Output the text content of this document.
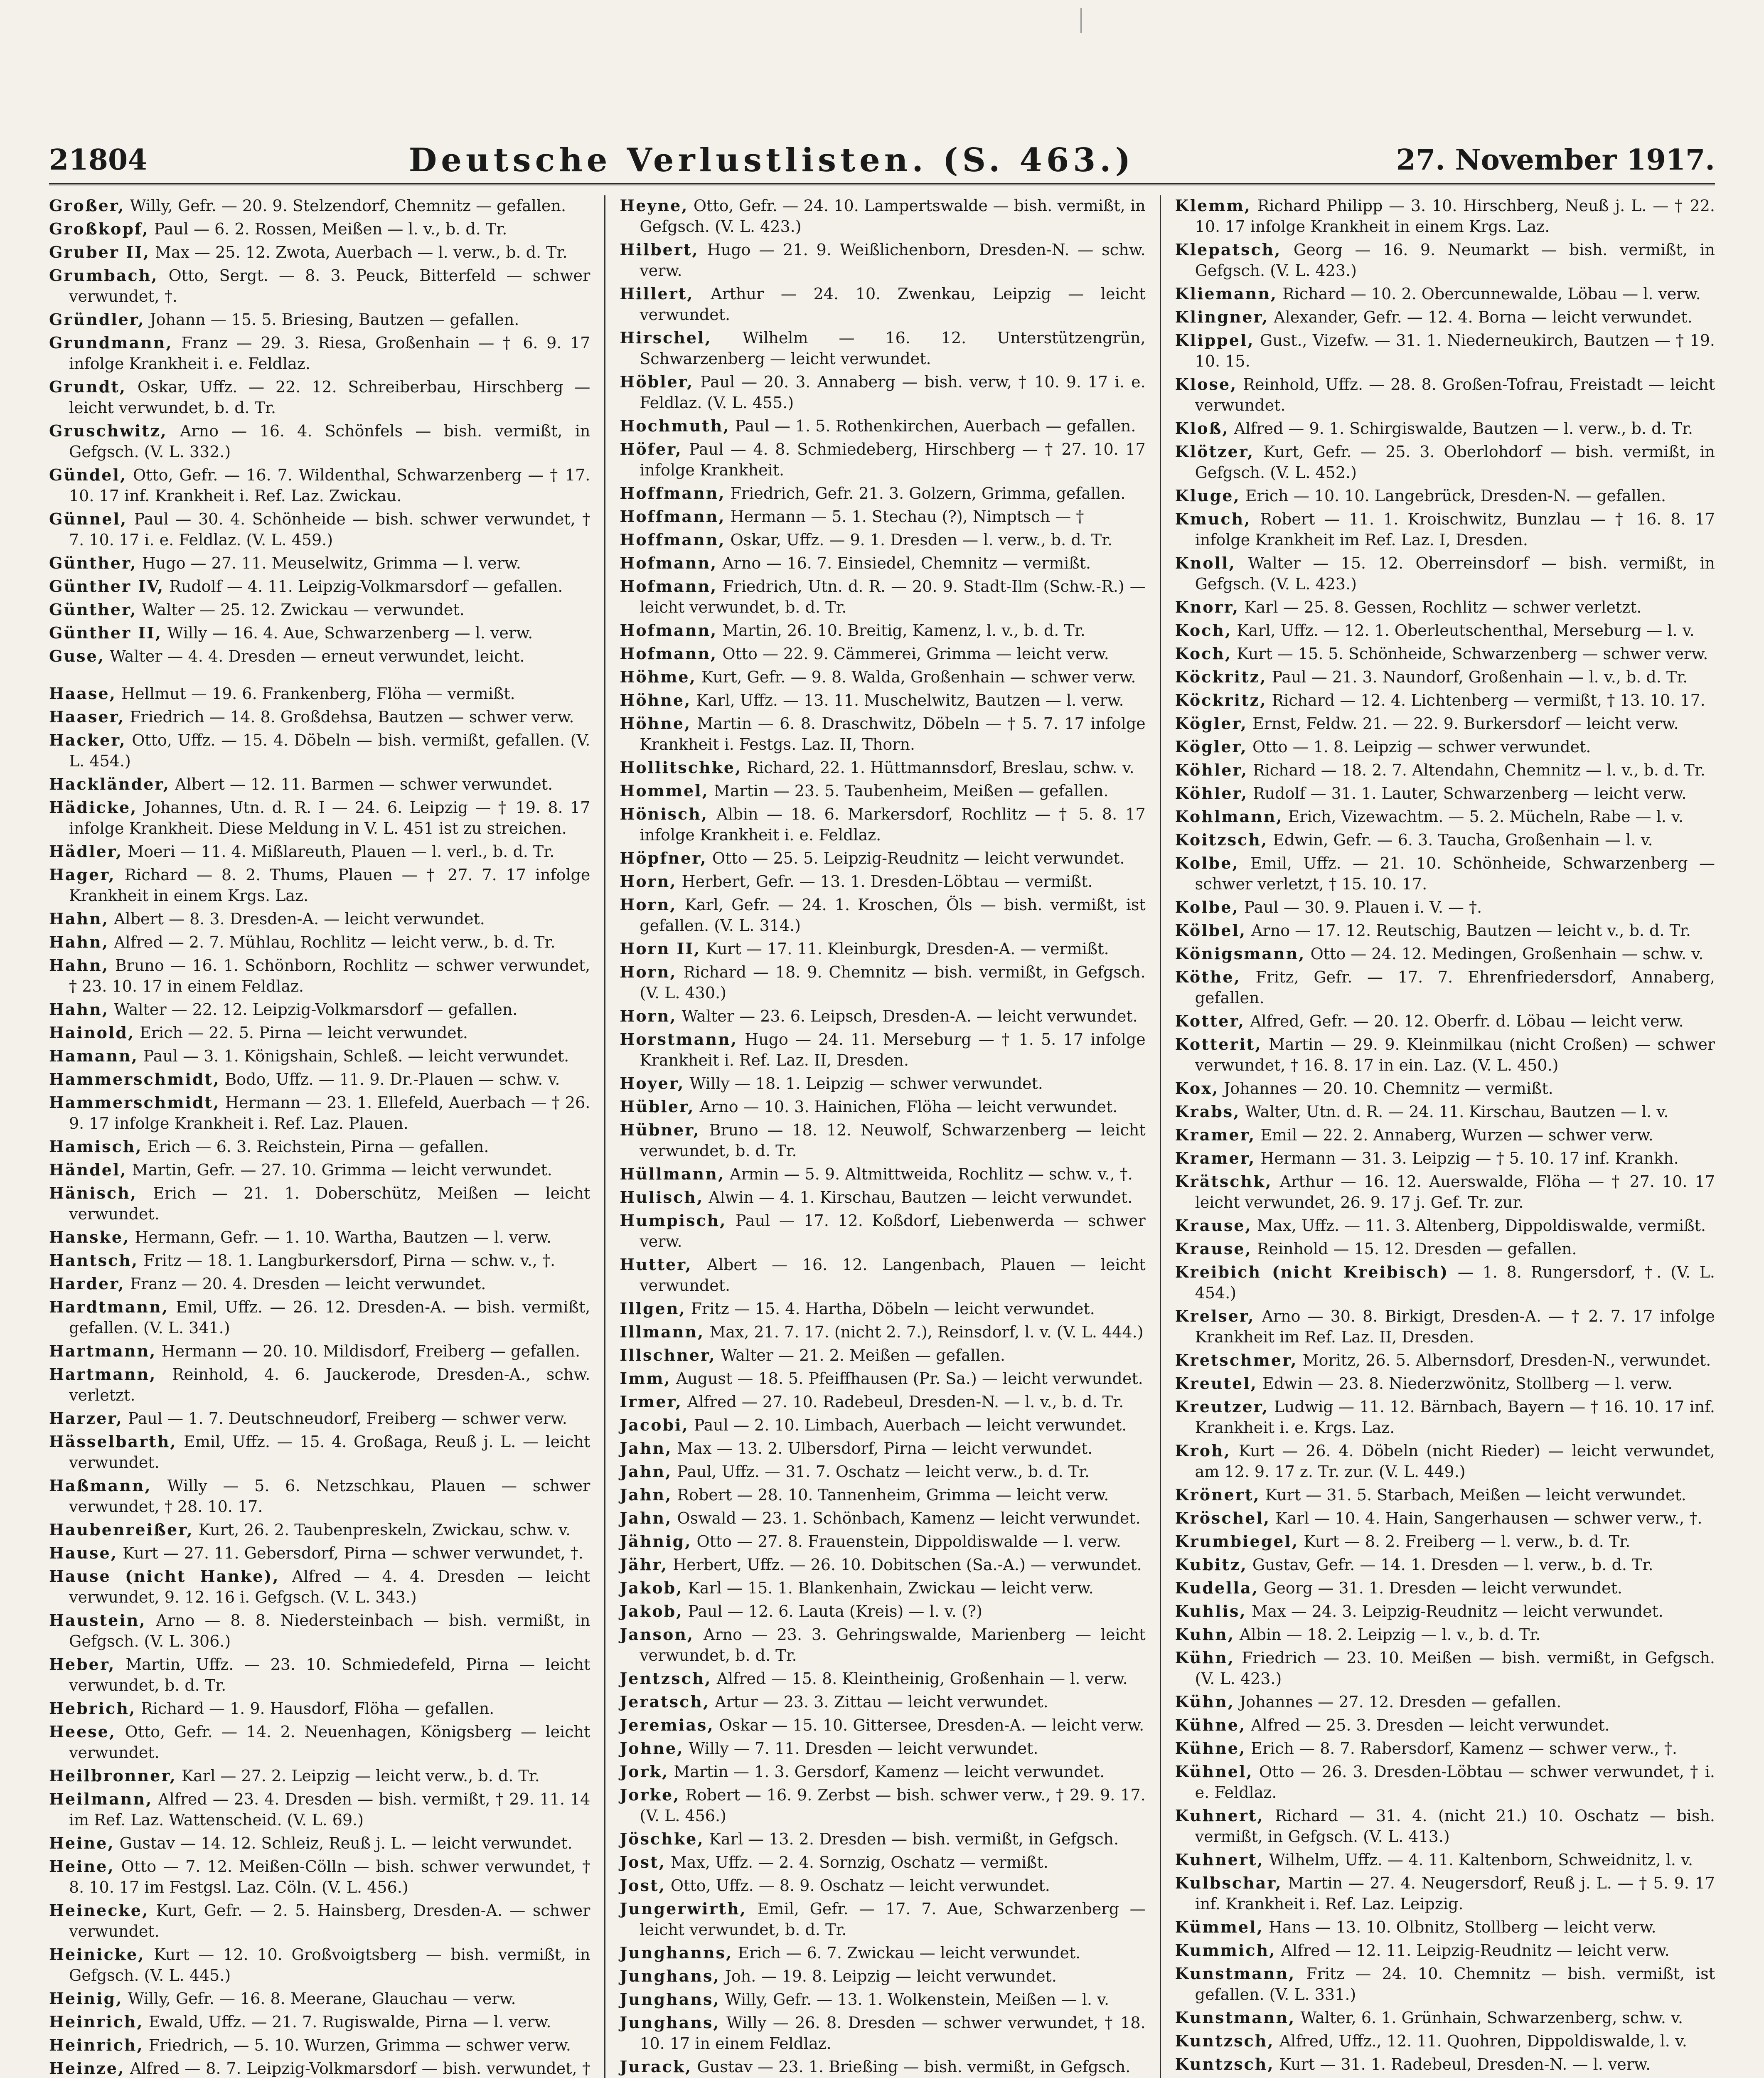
21804	Deutsche Verlustlisten. (S. 463.)	27. November 1917.
Großer, Willy, Gefr. — 20. 9. Stelzendorf, Chemnitz — gefallen.
Großkopf, Paul — 6. 2. Rossen, Meißen — l. v., b. d. Tr.
Gruber II, Max — 25. 12. Zwota, Auerbach — l. verw., b. d. Tr.
Grumbach, Otto, Sergt. — 8. 3. Peuck, Bitterfeld — schwer verwundet, †.
Gründler, Johann — 15. 5. Briesing, Bautzen — gefallen.
Grundmann, Franz — 29. 3. Riesa, Großenhain — † 6. 9. 17 infolge Krankheit i. e. Feldlaz.
Grundt, Oskar, Uffz. — 22. 12. Schreiberbau, Hirschberg — leicht verwundet, b. d. Tr.
Gruschwitz, Arno — 16. 4. Schönfels — bish. vermißt, in Gefgsch. (V. L. 332.)
Gündel, Otto, Gefr. — 16. 7. Wildenthal, Schwarzenberg — † 17. 10. 17 inf. Krankheit i. Ref. Laz. Zwickau.
Günnel, Paul — 30. 4. Schönheide — bish. schwer verwundet, † 7. 10. 17 i. e. Feldlaz. (V. L. 459.)
Günther, Hugo — 27. 11. Meuselwitz, Grimma — l. verw.
Günther IV, Rudolf — 4. 11. Leipzig-Volkmarsdorf — gefallen.
Günther, Walter — 25. 12. Zwickau — verwundet.
Günther II, Willy — 16. 4. Aue, Schwarzenberg — l. verw.
Guse, Walter — 4. 4. Dresden — erneut verwundet, leicht.
Haase, Hellmut — 19. 6. Frankenberg, Flöha — vermißt.
Haaser, Friedrich — 14. 8. Großdehsa, Bautzen — schwer verw.
Hacker, Otto, Uffz. — 15. 4. Döbeln — bish. vermißt, gefallen. (V. L. 454.)
Hackländer, Albert — 12. 11. Barmen — schwer verwundet.
Hädicke, Johannes, Utn. d. R. I — 24. 6. Leipzig — † 19. 8. 17 infolge Krankheit. Diese Meldung in V. L. 451 ist zu streichen.
Hädler, Moeri — 11. 4. Mißlareuth, Plauen — l. verl., b. d. Tr.
Hager, Richard — 8. 2. Thums, Plauen — † 27. 7. 17 infolge Krankheit in einem Krgs. Laz.
Hahn, Albert — 8. 3. Dresden-A. — leicht verwundet.
Hahn, Alfred — 2. 7. Mühlau, Rochlitz — leicht verw., b. d. Tr.
Hahn, Bruno — 16. 1. Schönborn, Rochlitz — schwer verwundet, † 23. 10. 17 in einem Feldlaz.
Hahn, Walter — 22. 12. Leipzig-Volkmarsdorf — gefallen.
Hainold, Erich — 22. 5. Pirna — leicht verwundet.
Hamann, Paul — 3. 1. Königshain, Schleß. — leicht verwundet.
Hammerschmidt, Bodo, Uffz. — 11. 9. Dr.-Plauen — schw. v.
Hammerschmidt, Hermann — 23. 1. Ellefeld, Auerbach — † 26. 9. 17 infolge Krankheit i. Ref. Laz. Plauen.
Hamisch, Erich — 6. 3. Reichstein, Pirna — gefallen.
Händel, Martin, Gefr. — 27. 10. Grimma — leicht verwundet.
Hänisch, Erich — 21. 1. Doberschütz, Meißen — leicht verwundet.
Hanske, Hermann, Gefr. — 1. 10. Wartha, Bautzen — l. verw.
Hantsch, Fritz — 18. 1. Langburkersdorf, Pirna — schw. v., †.
Harder, Franz — 20. 4. Dresden — leicht verwundet.
Hardtmann, Emil, Uffz. — 26. 12. Dresden-A. — bish. vermißt, gefallen. (V. L. 341.)
Hartmann, Hermann — 20. 10. Mildisdorf, Freiberg — gefallen.
Hartmann, Reinhold, 4. 6. Jauckerode, Dresden-A., schw. verletzt.
Harzer, Paul — 1. 7. Deutschneudorf, Freiberg — schwer verw.
Hässelbarth, Emil, Uffz. — 15. 4. Großaga, Reuß j. L. — leicht verwundet.
Haßmann, Willy — 5. 6. Netzschkau, Plauen — schwer verwundet, † 28. 10. 17.
Haubenreißer, Kurt, 26. 2. Taubenpreskeln, Zwickau, schw. v.
Hause, Kurt — 27. 11. Gebersdorf, Pirna — schwer verwundet, †.
Hause (nicht Hanke), Alfred — 4. 4. Dresden — leicht verwundet, 9. 12. 16 i. Gefgsch. (V. L. 343.)
Haustein, Arno — 8. 8. Niedersteinbach — bish. vermißt, in Gefgsch. (V. L. 306.)
Heber, Martin, Uffz. — 23. 10. Schmiedefeld, Pirna — leicht verwundet, b. d. Tr.
Hebrich, Richard — 1. 9. Hausdorf, Flöha — gefallen.
Heese, Otto, Gefr. — 14. 2. Neuenhagen, Königsberg — leicht verwundet.
Heilbronner, Karl — 27. 2. Leipzig — leicht verw., b. d. Tr.
Heilmann, Alfred — 23. 4. Dresden — bish. vermißt, † 29. 11. 14 im Ref. Laz. Wattenscheid. (V. L. 69.)
Heine, Gustav — 14. 12. Schleiz, Reuß j. L. — leicht verwundet.
Heine, Otto — 7. 12. Meißen-Cölln — bish. schwer verwundet, † 8. 10. 17 im Festgsl. Laz. Cöln. (V. L. 456.)
Heinecke, Kurt, Gefr. — 2. 5. Hainsberg, Dresden-A. — schwer verwundet.
Heinicke, Kurt — 12. 10. Großvoigtsberg — bish. vermißt, in Gefgsch. (V. L. 445.)
Heinig, Willy, Gefr. — 16. 8. Meerane, Glauchau — verw.
Heinrich, Ewald, Uffz. — 21. 7. Rugiswalde, Pirna — l. verw.
Heinrich, Friedrich, — 5. 10. Wurzen, Grimma — schwer verw.
Heinze, Alfred — 8. 7. Leipzig-Volkmarsdorf — bish. verwundet, †
Heyne, Otto, Gefr. — 24. 10. Lampertswalde — bish. vermißt, in Gefgsch. (V. L. 423.)
Hilbert, Hugo — 21. 9. Weißlichenborn, Dresden-N. — schw. verw.
Hillert, Arthur — 24. 10. Zwenkau, Leipzig — leicht verwundet.
Hirschel, Wilhelm — 16. 12. Unterstützengrün, Schwarzenberg — leicht verwundet.
Höbler, Paul — 20. 3. Annaberg — bish. verw, † 10. 9. 17 i. e. Feldlaz. (V. L. 455.)
Hochmuth, Paul — 1. 5. Rothenkirchen, Auerbach — gefallen.
Höfer, Paul — 4. 8. Schmiedeberg, Hirschberg — † 27. 10. 17 infolge Krankheit.
Hoffmann, Friedrich, Gefr. 21. 3. Golzern, Grimma, gefallen.
Hoffmann, Hermann — 5. 1. Stechau (?), Nimptsch — †
Hoffmann, Oskar, Uffz. — 9. 1. Dresden — l. verw., b. d. Tr.
Hofmann, Arno — 16. 7. Einsiedel, Chemnitz — vermißt.
Hofmann, Friedrich, Utn. d. R. — 20. 9. Stadt-Ilm (Schw.-R.) — leicht verwundet, b. d. Tr.
Hofmann, Martin, 26. 10. Breitig, Kamenz, l. v., b. d. Tr.
Hofmann, Otto — 22. 9. Cämmerei, Grimma — leicht verw.
Höhme, Kurt, Gefr. — 9. 8. Walda, Großenhain — schwer verw.
Höhne, Karl, Uffz. — 13. 11. Muschelwitz, Bautzen — l. verw.
Höhne, Martin — 6. 8. Draschwitz, Döbeln — † 5. 7. 17 infolge Krankheit i. Festgs. Laz. II, Thorn.
Hollitschke, Richard, 22. 1. Hüttmannsdorf, Breslau, schw. v.
Hommel, Martin — 23. 5. Taubenheim, Meißen — gefallen.
Hönisch, Albin — 18. 6. Markersdorf, Rochlitz — † 5. 8. 17 infolge Krankheit i. e. Feldlaz.
Höpfner, Otto — 25. 5. Leipzig-Reudnitz — leicht verwundet.
Horn, Herbert, Gefr. — 13. 1. Dresden-Löbtau — vermißt.
Horn, Karl, Gefr. — 24. 1. Kroschen, Öls — bish. vermißt, ist gefallen. (V. L. 314.)
Horn II, Kurt — 17. 11. Kleinburgk, Dresden-A. — vermißt.
Horn, Richard — 18. 9. Chemnitz — bish. vermißt, in Gefgsch. (V. L. 430.)
Horn, Walter — 23. 6. Leipsch, Dresden-A. — leicht verwundet.
Horstmann, Hugo — 24. 11. Merseburg — † 1. 5. 17 infolge Krankheit i. Ref. Laz. II, Dresden.
Hoyer, Willy — 18. 1. Leipzig — schwer verwundet.
Hübler, Arno — 10. 3. Hainichen, Flöha — leicht verwundet.
Hübner, Bruno — 18. 12. Neuwolf, Schwarzenberg — leicht verwundet, b. d. Tr.
Hüllmann, Armin — 5. 9. Altmittweida, Rochlitz — schw. v., †.
Hulisch, Alwin — 4. 1. Kirschau, Bautzen — leicht verwundet.
Humpisch, Paul — 17. 12. Koßdorf, Liebenwerda — schwer verw.
Hutter, Albert — 16. 12. Langenbach, Plauen — leicht verwundet.
Illgen, Fritz — 15. 4. Hartha, Döbeln — leicht verwundet.
Illmann, Max, 21. 7. 17. (nicht 2. 7.), Reinsdorf, l. v. (V. L. 444.)
Illschner, Walter — 21. 2. Meißen — gefallen.
Imm, August — 18. 5. Pfeiffhausen (Pr. Sa.) — leicht verwundet.
Irmer, Alfred — 27. 10. Radebeul, Dresden-N. — l. v., b. d. Tr.
Jacobi, Paul — 2. 10. Limbach, Auerbach — leicht verwundet.
Jahn, Max — 13. 2. Ulbersdorf, Pirna — leicht verwundet.
Jahn, Paul, Uffz. — 31. 7. Oschatz — leicht verw., b. d. Tr.
Jahn, Robert — 28. 10. Tannenheim, Grimma — leicht verw.
Jahn, Oswald — 23. 1. Schönbach, Kamenz — leicht verwundet.
Jähnig, Otto — 27. 8. Frauenstein, Dippoldiswalde — l. verw.
Jähr, Herbert, Uffz. — 26. 10. Dobitschen (Sa.-A.) — verwundet.
Jakob, Karl — 15. 1. Blankenhain, Zwickau — leicht verw.
Jakob, Paul — 12. 6. Lauta (Kreis) — l. v. (?)
Janson, Arno — 23. 3. Gehringswalde, Marienberg — leicht verwundet, b. d. Tr.
Jentzsch, Alfred — 15. 8. Kleintheinig, Großenhain — l. verw.
Jeratsch, Artur — 23. 3. Zittau — leicht verwundet.
Jeremias, Oskar — 15. 10. Gittersee, Dresden-A. — leicht verw.
Johne, Willy — 7. 11. Dresden — leicht verwundet.
Jork, Martin — 1. 3. Gersdorf, Kamenz — leicht verwundet.
Jorke, Robert — 16. 9. Zerbst — bish. schwer verw., † 29. 9. 17. (V. L. 456.)
Jöschke, Karl — 13. 2. Dresden — bish. vermißt, in Gefgsch.
Jost, Max, Uffz. — 2. 4. Sornzig, Oschatz — vermißt.
Jost, Otto, Uffz. — 8. 9. Oschatz — leicht verwundet.
Jungerwirth, Emil, Gefr. — 17. 7. Aue, Schwarzenberg — leicht verwundet, b. d. Tr.
Junghanns, Erich — 6. 7. Zwickau — leicht verwundet.
Junghans, Joh. — 19. 8. Leipzig — leicht verwundet.
Junghans, Willy, Gefr. — 13. 1. Wolkenstein, Meißen — l. v.
Junghans, Willy — 26. 8. Dresden — schwer verwundet, † 18. 10. 17 in einem Feldlaz.
Jurack, Gustav — 23. 1. Brießing — bish. vermißt, in Gefgsch.
Klemm, Richard Philipp — 3. 10. Hirschberg, Neuß j. L. — † 22. 10. 17 infolge Krankheit in einem Krgs. Laz.
Klepatsch, Georg — 16. 9. Neumarkt — bish. vermißt, in Gefgsch. (V. L. 423.)
Kliemann, Richard — 10. 2. Obercunnewalde, Löbau — l. verw.
Klingner, Alexander, Gefr. — 12. 4. Borna — leicht verwundet.
Klippel, Gust., Vizefw. — 31. 1. Niederneukirch, Bautzen — † 19. 10. 15.
Klose, Reinhold, Uffz. — 28. 8. Großen-Tofrau, Freistadt — leicht verwundet.
Kloß, Alfred — 9. 1. Schirgiswalde, Bautzen — l. verw., b. d. Tr.
Klötzer, Kurt, Gefr. — 25. 3. Oberlohdorf — bish. vermißt, in Gefgsch. (V. L. 452.)
Kluge, Erich — 10. 10. Langebrück, Dresden-N. — gefallen.
Kmuch, Robert — 11. 1. Kroischwitz, Bunzlau — † 16. 8. 17 infolge Krankheit im Ref. Laz. I, Dresden.
Knoll, Walter — 15. 12. Oberreinsdorf — bish. vermißt, in Gefgsch. (V. L. 423.)
Knorr, Karl — 25. 8. Gessen, Rochlitz — schwer verletzt.
Koch, Karl, Uffz. — 12. 1. Oberleutschenthal, Merseburg — l. v.
Koch, Kurt — 15. 5. Schönheide, Schwarzenberg — schwer verw.
Köckritz, Paul — 21. 3. Naundorf, Großenhain — l. v., b. d. Tr.
Köckritz, Richard — 12. 4. Lichtenberg — vermißt, † 13. 10. 17.
Kögler, Ernst, Feldw. 21. — 22. 9. Burkersdorf — leicht verw.
Kögler, Otto — 1. 8. Leipzig — schwer verwundet.
Köhler, Richard — 18. 2. 7. Altendahn, Chemnitz — l. v., b. d. Tr.
Köhler, Rudolf — 31. 1. Lauter, Schwarzenberg — leicht verw.
Kohlmann, Erich, Vizewachtm. — 5. 2. Mücheln, Rabe — l. v.
Koitzsch, Edwin, Gefr. — 6. 3. Taucha, Großenhain — l. v.
Kolbe, Emil, Uffz. — 21. 10. Schönheide, Schwarzenberg — schwer verletzt, † 15. 10. 17.
Kolbe, Paul — 30. 9. Plauen i. V. — †.
Kölbel, Arno — 17. 12. Reutschig, Bautzen — leicht v., b. d. Tr.
Königsmann, Otto — 24. 12. Medingen, Großenhain — schw. v.
Köthe, Fritz, Gefr. — 17. 7. Ehrenfriedersdorf, Annaberg, gefallen.
Kotter, Alfred, Gefr. — 20. 12. Oberfr. d. Löbau — leicht verw.
Kotterit, Martin — 29. 9. Kleinmilkau (nicht Croßen) — schwer verwundet, † 16. 8. 17 in ein. Laz. (V. L. 450.)
Kox, Johannes — 20. 10. Chemnitz — vermißt.
Krabs, Walter, Utn. d. R. — 24. 11. Kirschau, Bautzen — l. v.
Kramer, Emil — 22. 2. Annaberg, Wurzen — schwer verw.
Kramer, Hermann — 31. 3. Leipzig — † 5. 10. 17 inf. Krankh.
Krätschk, Arthur — 16. 12. Auerswalde, Flöha — † 27. 10. 17 leicht verwundet, 26. 9. 17 j. Gef. Tr. zur.
Krause, Max, Uffz. — 11. 3. Altenberg, Dippoldiswalde, vermißt.
Krause, Reinhold — 15. 12. Dresden — gefallen.
Kreibich (nicht Kreibisch) — 1. 8. Rungersdorf, †. (V. L. 454.)
Krelser, Arno — 30. 8. Birkigt, Dresden-A. — † 2. 7. 17 infolge Krankheit im Ref. Laz. II, Dresden.
Kretschmer, Moritz, 26. 5. Albernsdorf, Dresden-N., verwundet.
Kreutel, Edwin — 23. 8. Niederzwönitz, Stollberg — l. verw.
Kreutzer, Ludwig — 11. 12. Bärnbach, Bayern — † 16. 10. 17 inf. Krankheit i. e. Krgs. Laz.
Kroh, Kurt — 26. 4. Döbeln (nicht Rieder) — leicht verwundet, am 12. 9. 17 z. Tr. zur. (V. L. 449.)
Krönert, Kurt — 31. 5. Starbach, Meißen — leicht verwundet.
Kröschel, Karl — 10. 4. Hain, Sangerhausen — schwer verw., †.
Krumbiegel, Kurt — 8. 2. Freiberg — l. verw., b. d. Tr.
Kubitz, Gustav, Gefr. — 14. 1. Dresden — l. verw., b. d. Tr.
Kudella, Georg — 31. 1. Dresden — leicht verwundet.
Kuhlis, Max — 24. 3. Leipzig-Reudnitz — leicht verwundet.
Kuhn, Albin — 18. 2. Leipzig — l. v., b. d. Tr.
Kühn, Friedrich — 23. 10. Meißen — bish. vermißt, in Gefgsch. (V. L. 423.)
Kühn, Johannes — 27. 12. Dresden — gefallen.
Kühne, Alfred — 25. 3. Dresden — leicht verwundet.
Kühne, Erich — 8. 7. Rabersdorf, Kamenz — schwer verw., †.
Kühnel, Otto — 26. 3. Dresden-Löbtau — schwer verwundet, † i. e. Feldlaz.
Kuhnert, Richard — 31. 4. (nicht 21.) 10. Oschatz — bish. vermißt, in Gefgsch. (V. L. 413.)
Kuhnert, Wilhelm, Uffz. — 4. 11. Kaltenborn, Schweidnitz, l. v.
Kulbschar, Martin — 27. 4. Neugersdorf, Reuß j. L. — † 5. 9. 17 inf. Krankheit i. Ref. Laz. Leipzig.
Kümmel, Hans — 13. 10. Olbnitz, Stollberg — leicht verw.
Kummich, Alfred — 12. 11. Leipzig-Reudnitz — leicht verw.
Kunstmann, Fritz — 24. 10. Chemnitz — bish. vermißt, ist gefallen. (V. L. 331.)
Kunstmann, Walter, 6. 1. Grünhain, Schwarzenberg, schw. v.
Kuntzsch, Alfred, Uffz., 12. 11. Quohren, Dippoldiswalde, l. v.
Kuntzsch, Kurt — 31. 1. Radebeul, Dresden-N. — l. verw.
